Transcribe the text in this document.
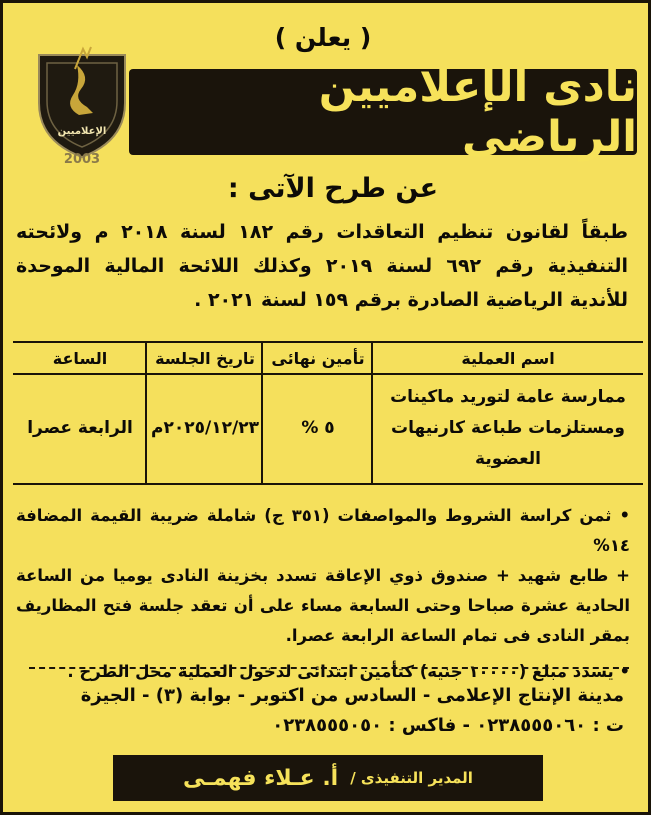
( يعلن )
الإعلاميين
2003
نادى الإعلاميين الرياضى
عن طرح الآتى :
طبقاً لقانون تنظيم التعاقدات رقم ١٨٢ لسنة ٢٠١٨ م ولائحته التنفيذية رقم ٦٩٢ لسنة ٢٠١٩ وكذلك اللائحة المالية الموحدة للأندية الرياضية الصادرة برقم ١٥٩ لسنة ٢٠٢١ .
اسم العملية
تأمين نهائى
تاريخ الجلسة
الساعة
ممارسة عامة لتوريد ماكينات ومستلزمات طباعة كارنيهات العضوية
٥ %
٢٠٢٥/١٢/٢٣م
الرابعة عصرا

• ثمن كراسة الشروط والمواصفات (٣٥١ ج) شاملة ضريبة القيمة المضافة ١٤%

+ طابع شهيد + صندوق ذوي الإعاقة تسدد بخزينة النادى يوميا من الساعة الحادية عشرة صباحا وحتى السابعة مساء على أن تعقد جلسة فتح المظاريف بمقر النادى فى تمام الساعة الرابعة عصرا.

• يسدد مبلغ (١٠٠٠٠ جنيه) كتأمين ابتدائى لدخول العملية محل الطرح .

مدينة الإنتاج الإعلامى - السادس من اكتوبر - بوابة (٣) - الجيزة
ت : ٠٢٣٨٥٥٥٠٦٠ - فاكس : ٠٢٣٨٥٥٥٠٥٠
المدير التنفيذى /
أ. عـلاء فهمـى
